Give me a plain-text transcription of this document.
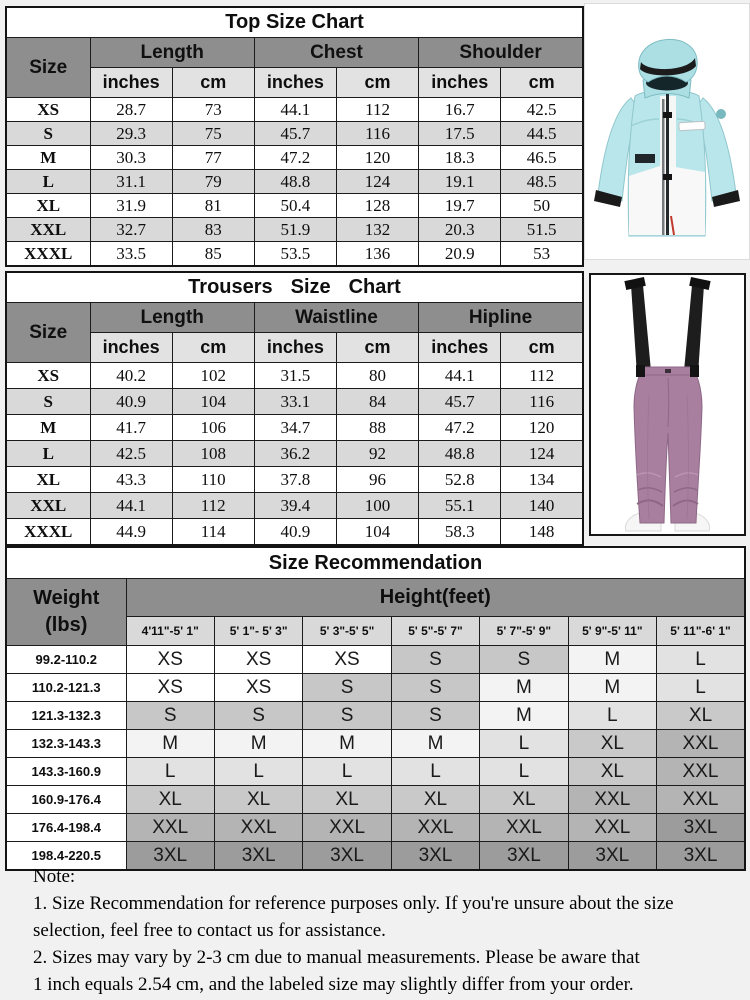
Top Size Chart						
Size	Length		Chest		Shoulder	
	inches	cm	inches	cm	inches	cm
XS	28.7	73	44.1	112	16.7	42.5
S	29.3	75	45.7	116	17.5	44.5
M	30.3	77	47.2	120	18.3	46.5
L	31.1	79	48.8	124	19.1	48.5
XL	31.9	81	50.4	128	19.7	50
XXL	32.7	83	51.9	132	20.3	51.5
XXXL	33.5	85	53.5	136	20.9	53
Trousers Size Chart						
Size	Length		Waistline		Hipline	
	inches	cm	inches	cm	inches	cm
XS	40.2	102	31.5	80	44.1	112
S	40.9	104	33.1	84	45.7	116
M	41.7	106	34.7	88	47.2	120
L	42.5	108	36.2	92	48.8	124
XL	43.3	110	37.8	96	52.8	134
XXL	44.1	112	39.4	100	55.1	140
XXXL	44.9	114	40.9	104	58.3	148
Size Recommendation							

Weight
(lbs)	Height(feet)						
	4'11"-5' 1"	5' 1"- 5' 3"	5' 3"-5' 5"	5' 5"-5' 7"	5' 7"-5' 9"	5' 9"-5' 11"	5' 11"-6' 1"
99.2-110.2	XS	XS	XS	S	S	M	L
110.2-121.3	XS	XS	S	S	M	M	L
121.3-132.3	S	S	S	S	M	L	XL
132.3-143.3	M	M	M	M	L	XL	XXL
143.3-160.9	L	L	L	L	L	XL	XXL
160.9-176.4	XL	XL	XL	XL	XL	XXL	XXL
176.4-198.4	XXL	XXL	XXL	XXL	XXL	XXL	3XL
198.4-220.5	3XL	3XL	3XL	3XL	3XL	3XL	3XL
Note:
1. Size Recommendation for reference purposes only. If you're unsure about the size
selection, feel free to contact us for assistance.
2. Sizes may vary by 2-3 cm due to manual measurements. Please be aware that
1 inch equals 2.54 cm, and the labeled size may slightly differ from your order.
